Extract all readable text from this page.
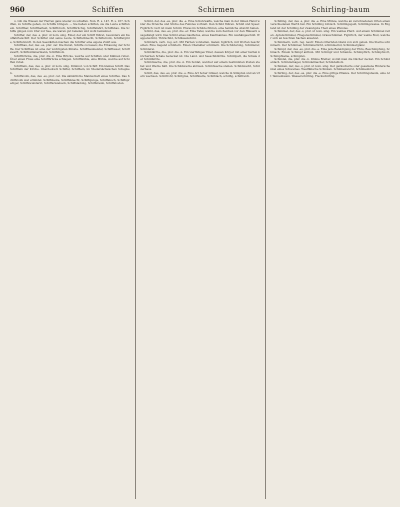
960	Schiffen	Schirmen	Schirling-baum

u. Gib die Wiesen der Herren gans wieder zu schaffen. Nun. R. s. 147. R. s. 167. Schiffen, zu Schiffe gehen, zu Schiffe bringen. — Sie ließen schiffen, sie die Leute schiffen ein. Schiffbar, Schiffbarkeit, Schiffbruch, Schiffbrüchig, Schiffsfahrt, Schiffsbau. Die Schiffe gingen vom Ufer zur See, sie waren gut beladen und wohl bemannet.

Schiffer, der, des -s, plur. ut nom. sing. Einer, der ein Schiff führet, besonders ein Kauffahrteischiff. Der Schiffer und seine Leute. Schifferknecht, Schiffervolk, Schiffergilde, Schifferzunft. In den Seestädten machen die Schiffer eine eigene Zunft aus.

Schiffbau, der, des -es, plur. car. Die Kunst, Schiffe zu bauen; die Erbauung der Schiffe. Der Schiffbau ist eine der wichtigsten Künste. Schiffbaumeister, Schiffbauer, Schiffswerft, Schiffszimmermann, Schiffsholz.

Schiffbrücke, die, plur. die -n. Eine Brücke, welche auf Schiffen oder Kähnen ruhet. Über einen Fluss eine Schiffbrücke schlagen. Schiffmühle, eine Mühle, welche auf Schiffen ruhet.

Schifflein, das, des -s, plur. ut nom. sing. Diminut. von Schiff. Ein kleines Schiff. Das Schifflein der Kirche. Oberdeutsch Schiffel, Schifflein, im Niedersächsischen Schepken.

Schiffsvolk, das, des -es, plur. car. Die sämmtliche Mannschaft eines Schiffes. Das Schiffsvolk war ermüdet. Schiffsleute, Schiffsknecht, Schiffsjunge, Schiffskoch, Schiffsprediger, Schiffswundarzt, Schiffszwieback, Schiffsladung, Schiffsraum, Schiffsboden.

Schild, der, des -es, plur. die -e. Eine Schutzwaffe, welche man in der linken Hand wider die Streiche und Stiche des Feindes vorhielt. Den Schild führen. Schild und Speer. Figürlich: Gott ist mein Schild. Etwas im Schilde führen, eine heimliche Absicht haben.

Schild, das, des -es, plur. die -er. Eine Tafel, welche zum Zeichen vor den Häusern ausgehängt wird. Das Schild eines Gasthofes, eines Kaufmannes. Ein Aushängeschild. Wappenschild, Thürschild, Schlüsselschild.

Schildern, verb. reg. act. Mit Farben vorstellen, malen; figürlich, mit Worten beschreiben. Eine Gegend schildern. Einen Charakter schildern. Die Schilderung, Schilderer, Schilderei.

Schildkröte, die, plur. die -n. Ein vierfüßiges Thier, dessen Körper mit einer harten knöchernen Schale bedecket ist. Die Land- und Seeschildkröte. Schildpatt, die Schale der Schildkröte.

Schildwache, die, plur. die -n. Ein Soldat, welcher auf einem bestimmten Posten stehet und Wache hält. Die Schildwache ablösen. Schildwache stehen. Schildwacht, Schilderhaus.

Schilf, das, des -es, plur. die -e. Eine Art hoher Gräser, welche in Sümpfen und an Ufern wachsen. Schilfrohr, Schilfgras, Schilfmatte, Schilfdach, schilfig, schilfreich.

Schilling, der, des -s, plur. die -e. Eine Münze, welche an verschiedenen Orten einen verschiedenen Werth hat. Ein Schilling Lübisch. Schillingsgeld, Schillingsweise. In England ist der Schilling der zwanzigste Theil eines Pfundes.

Schimmel, der, des -s, plur. ut nom. sing. Ein weißes Pferd. Auf einem Schimmel reiten. Apfelschimmel, Fliegenschimmel, Grauschimmel. Figürlich, der weiße Rost, welcher sich an feuchten Sachen ansetzet.

Schimmern, verb. reg. neutr. Einen zitternden Glanz von sich geben. Die Sterne schimmern. Der Schimmer, Schimmerlicht, schimmernd, Schimmerglanz.

Schimpf, der, des -es, plur. die -e. Eine jede Beleidigung der Ehre, Beschimpfung, Schmach. Einem Schimpf anthun. Mit Schimpf und Schande. Schimpflich, Schimpfwort, Schimpfname, schimpfen.

Schindel, die, plur. die -n. Dünne Bretter, womit man die Dächer decket. Ein Schindeldach. Schindelnagel, Schindelmacher, Schindelholz.

Schinken, der, des -s, plur. ut nom. sing. Der geräucherte oder gesalzene Hinterschenkel eines Schweines. Westfälische Schinken. Schinkenwurst, Schinkenbrot.

Schirling, der, des -es, plur. die -e. Eine giftige Pflanze. Der Schirlingsbaum, eine Art Tannenbaum. Wasserschirling, Fleckschirling.
